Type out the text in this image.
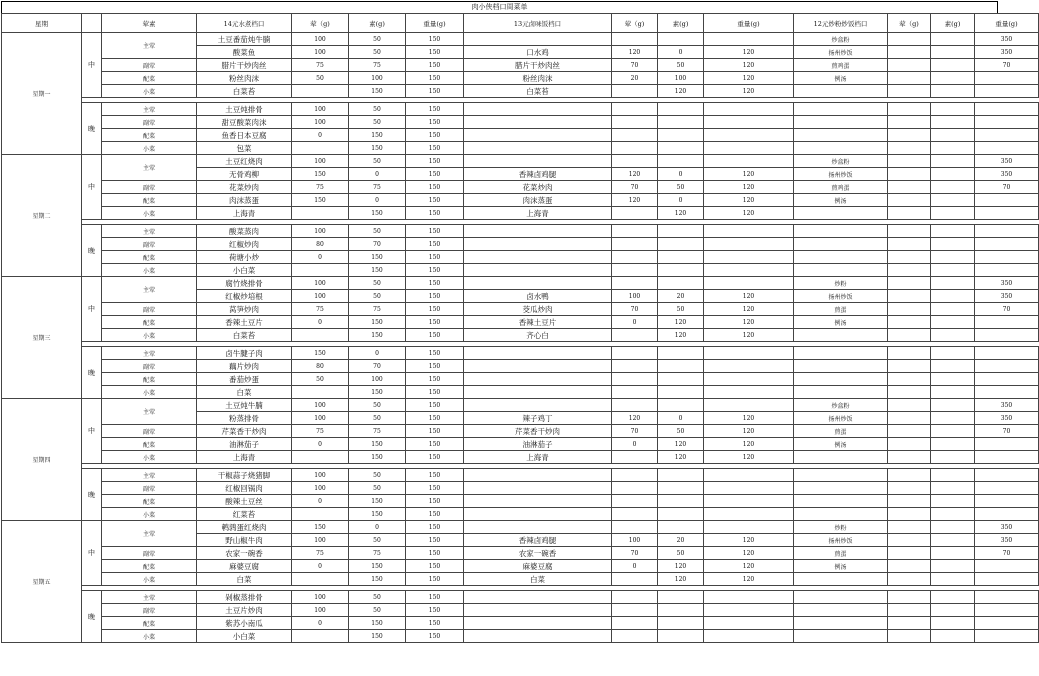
肉小侠档口周菜单
星期		荤素	14元水煮档口	荤（g)	素(g)	重量(g)	13元卤味饭档口	荤（g)	素(g)	重量(g)	12元炒粉炒饭档口	荤（g)	素(g)	重量(g)
星期一	中	主荤	土豆番茄炖牛腩	100	50	150					炒盒粉			350
			酸菜鱼	100	50	150	口水鸡	120	0	120	扬州炒饭			350
		副荤	腊片干炒肉丝	75	75	150	腊片干炒肉丝	70	50	120	煎鸡蛋			70
		配菜	粉丝肉沫	50	100	150	粉丝肉沫	20	100	120	例汤			
		小菜	白菜苔		150	150	白菜苔		120	120				

	晚	主荤	土豆炖排骨	100	50	150								
		副荤	甜豆酸菜肉沫	100	50	150								
		配菜	鱼香日本豆腐	0	150	150								
		小菜	包菜		150	150								
星期二	中	主荤	土豆红烧肉	100	50	150					炒盒粉			350
			无骨鸡柳	150	0	150	香辣卤鸡腿	120	0	120	扬州炒饭			350
		副荤	花菜炒肉	75	75	150	花菜炒肉	70	50	120	煎鸡蛋			70
		配菜	肉沫蒸蛋	150	0	150	肉沫蒸蛋	120	0	120	例汤			
		小菜	上海青		150	150	上海青		120	120				

	晚	主荤	酸菜蒸肉	100	50	150								
		副荤	红椒炒肉	80	70	150								
		配菜	荷塘小炒	0	150	150								
		小菜	小白菜		150	150								
星期三	中	主荤	腐竹烧排骨	100	50	150					炒粉			350
			红椒炒培根	100	50	150	卤水鸭	100	20	120	扬州炒饭			350
		副荤	莴笋炒肉	75	75	150	茭瓜炒肉	70	50	120	煎蛋			70
		配菜	香辣土豆片	0	150	150	香辣土豆片	0	120	120	例汤			
		小菜	白菜苔		150	150	齐心白		120	120				

	晚	主荤	卤牛腱子肉	150	0	150								
		副荤	藕片炒肉	80	70	150								
		配菜	番茄炒蛋	50	100	150								
		小菜	白菜		150	150								
星期四	中	主荤	土豆炖牛腩	100	50	150					炒盒粉			350
			粉蒸排骨	100	50	150	辣子鸡丁	120	0	120	扬州炒饭			350
		副荤	芹菜香干炒肉	75	75	150	芹菜香干炒肉	70	50	120	煎蛋			70
		配菜	油淋茄子	0	150	150	油淋茄子	0	120	120	例汤			
		小菜	上海青		150	150	上海青		120	120				

	晚	主荤	干椒蒜子烧猪脚	100	50	150								
		副荤	红椒回锅肉	100	50	150								
		配菜	酸辣土豆丝	0	150	150								
		小菜	红菜苔		150	150								
星期五	中	主荤	鹌鹑蛋红烧肉	150	0	150					炒粉			350
			野山椒牛肉	100	50	150	香辣卤鸡腿	100	20	120	扬州炒饭			350
		副荤	农家一碗香	75	75	150	农家一碗香	70	50	120	煎蛋			70
		配菜	麻婆豆腐	0	150	150	麻婆豆腐	0	120	120	例汤			
		小菜	白菜		150	150	白菜		120	120				

	晚	主荤	剁椒蒸排骨	100	50	150								
		副荤	土豆片炒肉	100	50	150								
		配菜	紫苏小南瓜	0	150	150								
		小菜	小白菜		150	150								
